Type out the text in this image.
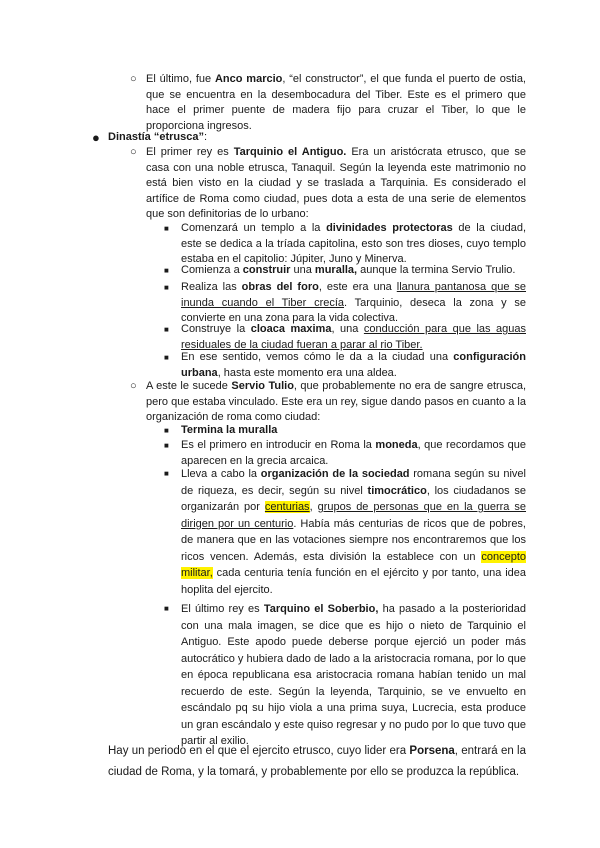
○ El último, fue Anco marcio, “el constructor”, el que funda el puerto de ostia, que se encuentra en la desembocadura del Tiber. Este es el primero que hace el primer puente de madera fijo para cruzar el Tiber, lo que le proporciona ingresos.
● Dinastía “etrusca”:
○ El primer rey es Tarquinio el Antiguo. Era un aristócrata etrusco, que se casa con una noble etrusca, Tanaquil. Según la leyenda este matrimonio no está bien visto en la ciudad y se traslada a Tarquinia. Es considerado el artífice de Roma como ciudad, pues dota a esta de una serie de elementos que son definitorias de lo urbano:
■ Comenzará un templo a la divinidades protectoras de la ciudad, este se dedica a la tríada capitolina, esto son tres dioses, cuyo templo estaba en el capitolio: Júpiter, Juno y Minerva.
■ Comienza a construir una muralla, aunque la termina Servio Trulio.
■ Realiza las obras del foro, este era una llanura pantanosa que se inunda cuando el Tiber crecía. Tarquinio, deseca la zona y se convierte en una zona para la vida colectiva.
■ Construye la cloaca maxima, una conducción para que las aguas residuales de la ciudad fueran a parar al rio Tiber.
■ En ese sentido, vemos cómo le da a la ciudad una configuración urbana, hasta este momento era una aldea.
○ A este le sucede Servio Tulio, que probablemente no era de sangre etrusca, pero que estaba vinculado. Este era un rey, sigue dando pasos en cuanto a la organización de roma como ciudad:
■ Termina la muralla
■ Es el primero en introducir en Roma la moneda, que recordamos que aparecen en la grecia arcaica.
■ Lleva a cabo la organización de la sociedad romana según su nivel de riqueza, es decir, según su nivel timocrático, los ciudadanos se organizarán por centurias, grupos de personas que en la guerra se dirigen por un centurio. Había más centurias de ricos que de pobres, de manera que en las votaciones siempre nos encontraremos que los ricos vencen. Además, esta división la establece con un concepto militar, cada centuria tenía función en el ejército y por tanto, una idea hoplita del ejercito.
■ El último rey es Tarquino el Soberbio, ha pasado a la posterioridad con una mala imagen, se dice que es hijo o nieto de Tarquinio el Antiguo. Este apodo puede deberse porque ejerció un poder más autocrático y hubiera dado de lado a la aristocracia romana, por lo que en época republicana esa aristocracia romana habían tenido un mal recuerdo de este. Según la leyenda, Tarquinio, se ve envuelto en escándalo pq su hijo viola a una prima suya, Lucrecia, esta produce un gran escándalo y este quiso regresar y no pudo por lo que tuvo que partir al exilio.
Hay un periodo en el que el ejercito etrusco, cuyo lider era Porsena, entrará en la ciudad de Roma, y la tomará, y probablemente por ello se produzca la república.
